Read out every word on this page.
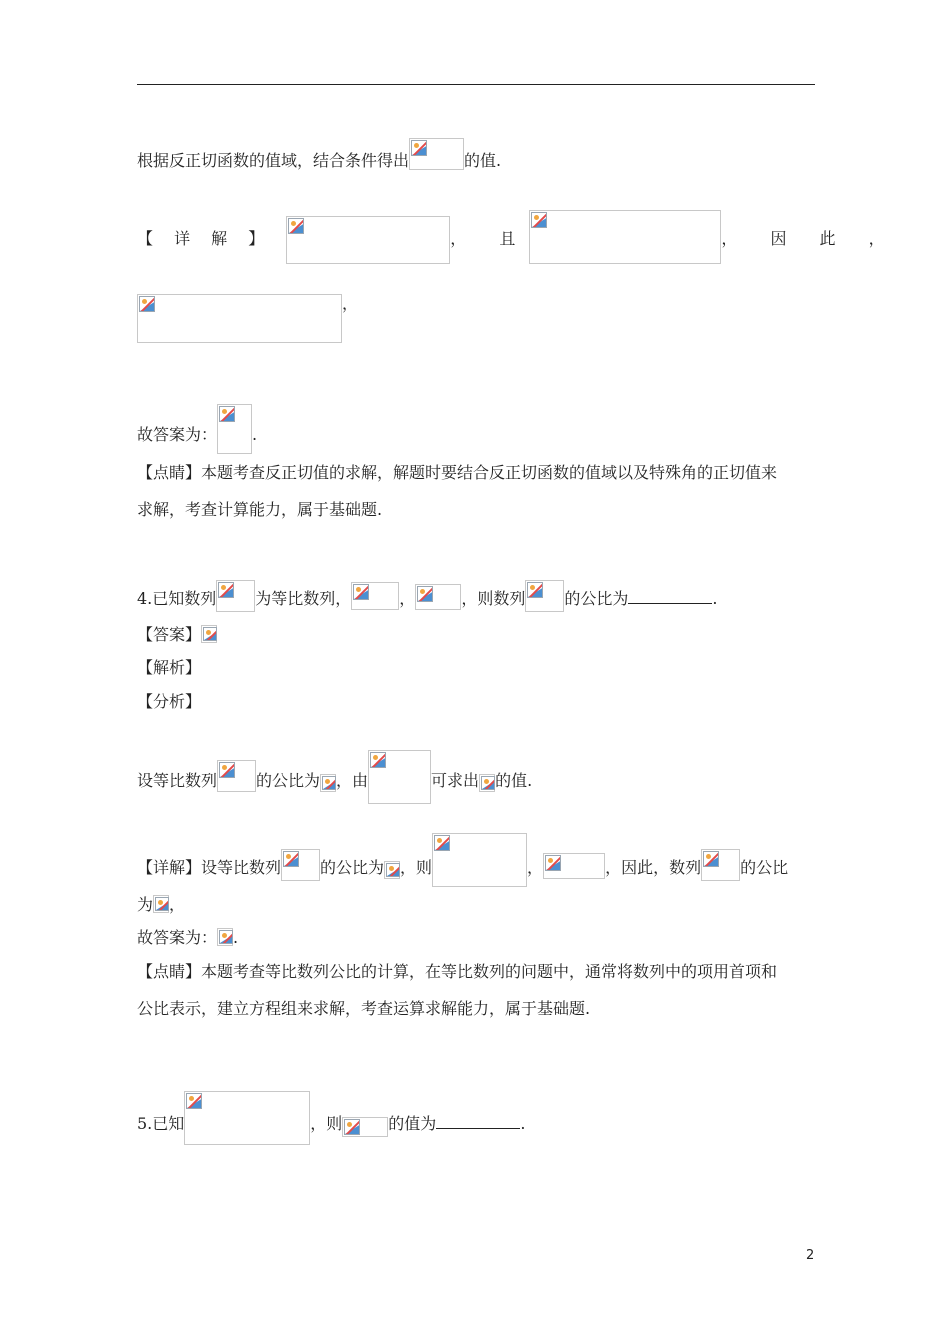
根据反正切函数的值域，结合条件得出	的值.
【 详 解 】	， 且	， 因 此 ，
，
故答案为： .
【点睛】本题考查反正切值的求解，解题时要结合反正切函数的值域以及特殊角的正切值来
求解，考查计算能力，属于基础题.
4.已知数列 为等比数列，	，	，则数列 的公比为	.
【答案】
【解析】
【分析】
设等比数列 的公比为 ，由	可求出 的值.
【详解】设等比数列 的公比为 ，则	，	，因此，数列 的公比
为 ，
故答案为： .
【点睛】本题考查等比数列公比的计算，在等比数列的问题中，通常将数列中的项用首项和
公比表示，建立方程组来求解，考查运算求解能力，属于基础题.
5.已知	，则	的值为	.
2
